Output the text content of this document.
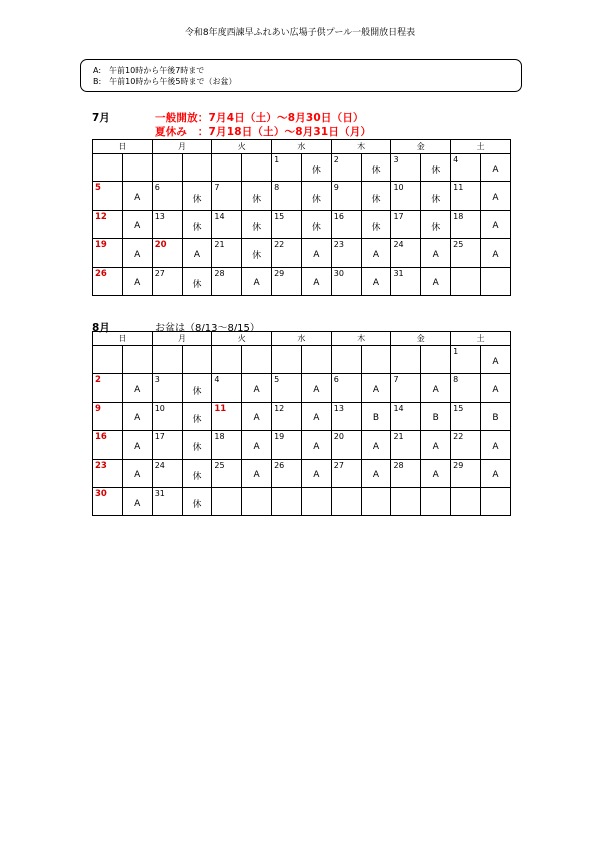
令和8年度西諫早ふれあい広場子供プール一般開放日程表
A:　午前10時から午後7時まで
B:　午前10時から午後5時まで（お盆）
7月	一般開放：7月4日（土）～8月30日（日）
夏休み　：7月18日（土）～8月31日（月）
日		月		火		水		木		金		土	
						1	休	2	休	3	休	4	A
5	A	6	休	7	休	8	休	9	休	10	休	11	A
12	A	13	休	14	休	15	休	16	休	17	休	18	A
19	A	20	A	21	休	22	A	23	A	24	A	25	A
26	A	27	休	28	A	29	A	30	A	31	A		
8月	お盆は（8/13～8/15）
日		月		火		水		木		金		土	
												1	A
2	A	3	休	4	A	5	A	6	A	7	A	8	A
9	A	10	休	11	A	12	A	13	B	14	B	15	B
16	A	17	休	18	A	19	A	20	A	21	A	22	A
23	A	24	休	25	A	26	A	27	A	28	A	29	A
30	A	31	休										
